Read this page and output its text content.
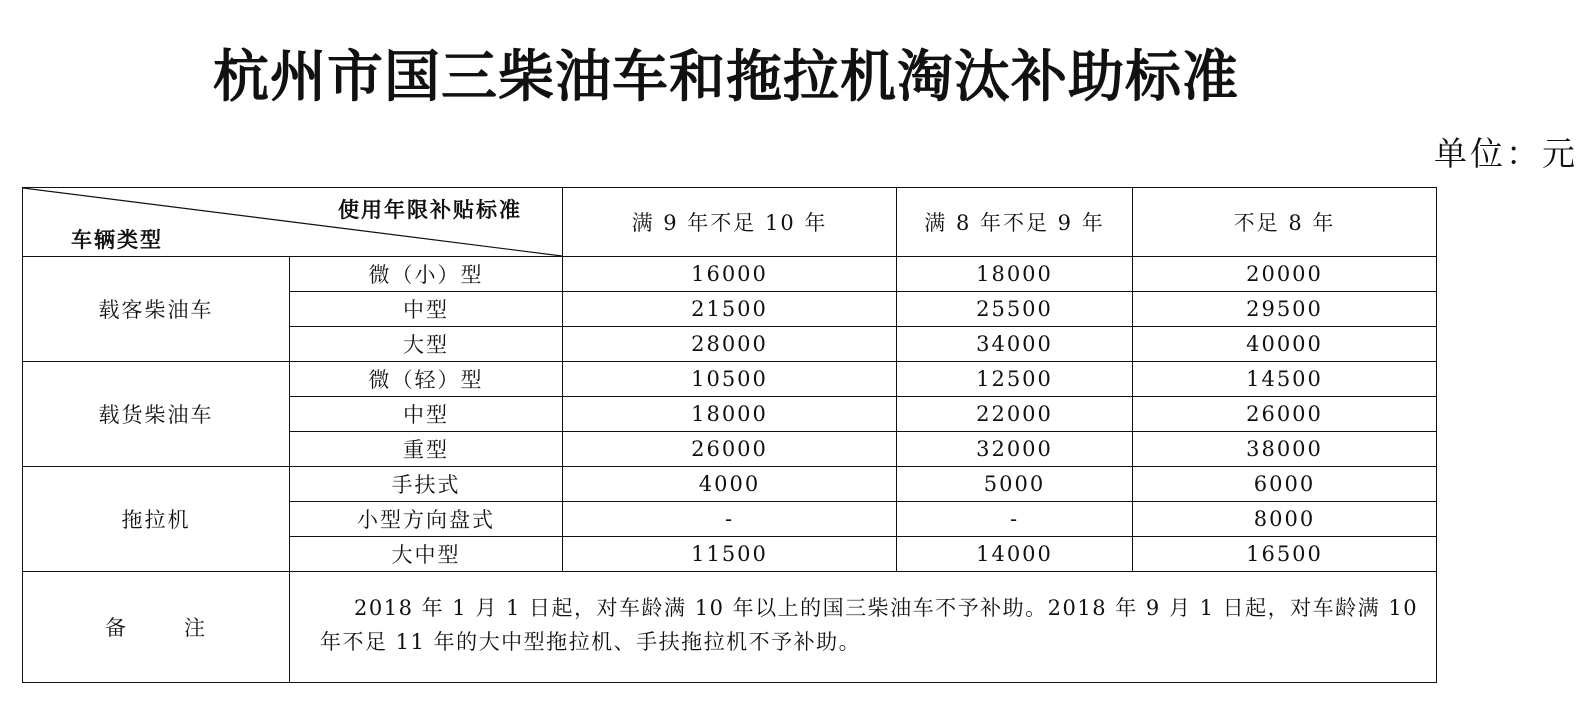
杭州市国三柴油车和拖拉机淘汰补助标准
单位：元
使用年限补贴标准
车辆类型		满 9 年不足 10 年	满 8 年不足 9 年	不足 8 年
载客柴油车	微（小）型	16000	18000	20000
	中型	21500	25500	29500
	大型	28000	34000	40000
载货柴油车	微（轻）型	10500	12500	14500
	中型	18000	22000	26000
	重型	26000	32000	38000
拖拉机	手扶式	4000	5000	6000
	小型方向盘式	-	-	8000
	大中型	11500	14000	16500
备 注	2018 年 1 月 1 日起，对车龄满 10 年以上的国三柴油车不予补助。2018 年 9 月 1 日起，对车龄满 10 年不足 11 年的大中型拖拉机、手扶拖拉机不予补助。			
